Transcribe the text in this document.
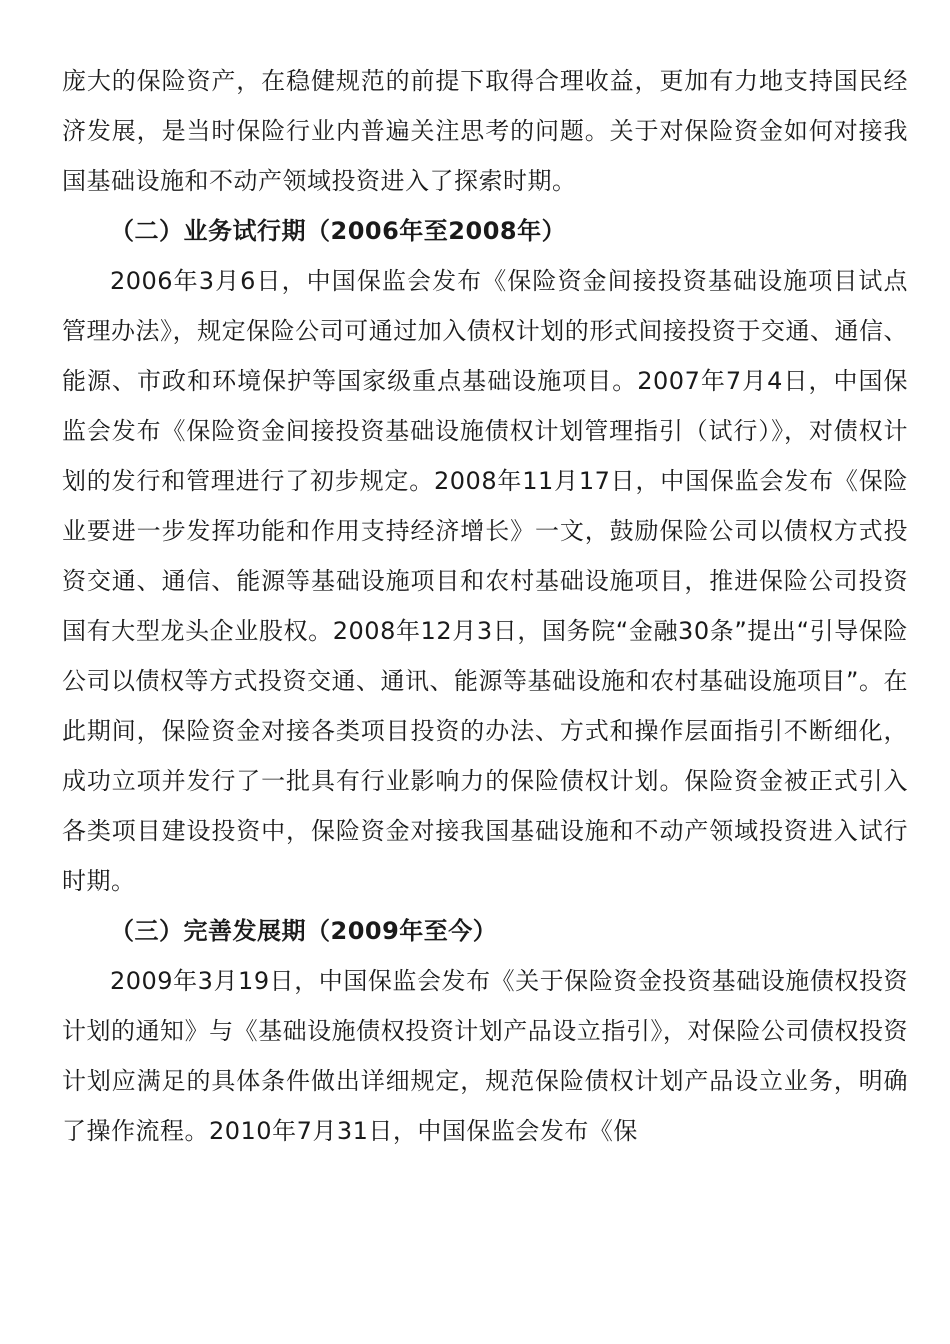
庞大的保险资产，在稳健规范的前提下取得合理收益，更加有力地支持国民经济发展，是当时保险行业内普遍关注思考的问题。关于对保险资金如何对接我国基础设施和不动产领域投资进入了探索时期。

（二）业务试行期（2006年至2008年）

2006年3月6日，中国保监会发布《保险资金间接投资基础设施项目试点管理办法》，规定保险公司可通过加入债权计划的形式间接投资于交通、通信、能源、市政和环境保护等国家级重点基础设施项目。2007年7月4日，中国保监会发布《保险资金间接投资基础设施债权计划管理指引（试行）》，对债权计划的发行和管理进行了初步规定。2008年11月17日，中国保监会发布《保险业要进一步发挥功能和作用支持经济增长》一文，鼓励保险公司以债权方式投资交通、通信、能源等基础设施项目和农村基础设施项目，推进保险公司投资国有大型龙头企业股权。2008年12月3日，国务院“金融30条”提出“引导保险公司以债权等方式投资交通、通讯、能源等基础设施和农村基础设施项目”。在此期间，保险资金对接各类项目投资的办法、方式和操作层面指引不断细化，成功立项并发行了一批具有行业影响力的保险债权计划。保险资金被正式引入各类项目建设投资中，保险资金对接我国基础设施和不动产领域投资进入试行时期。

（三）完善发展期（2009年至今）

2009年3月19日，中国保监会发布《关于保险资金投资基础设施债权投资计划的通知》与《基础设施债权投资计划产品设立指引》，对保险公司债权投资计划应满足的具体条件做出详细规定，规范保险债权计划产品设立业务，明确了操作流程。2010年7月31日，中国保监会发布《保
